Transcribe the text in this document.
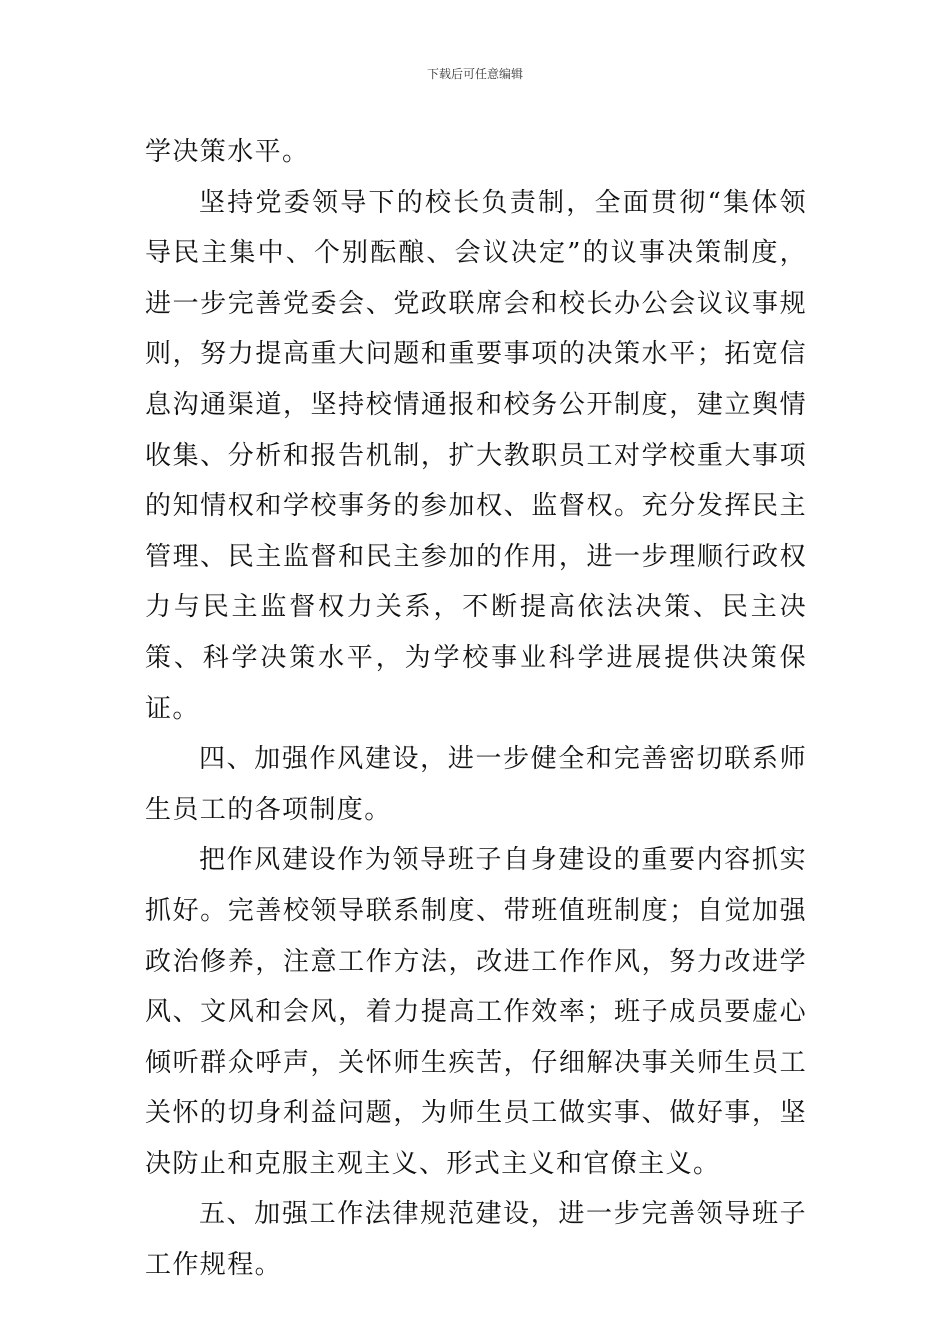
下载后可任意编辑

学决策水平。

坚持党委领导下的校长负责制，全面贯彻“集体领导民主集中、个别酝酿、会议决定”的议事决策制度，进一步完善党委会、党政联席会和校长办公会议议事规则，努力提高重大问题和重要事项的决策水平；拓宽信息沟通渠道，坚持校情通报和校务公开制度，建立舆情收集、分析和报告机制，扩大教职员工对学校重大事项的知情权和学校事务的参加权、监督权。充分发挥民主管理、民主监督和民主参加的作用，进一步理顺行政权力与民主监督权力关系，不断提高依法决策、民主决策、科学决策水平，为学校事业科学进展提供决策保证。

四、加强作风建设，进一步健全和完善密切联系师生员工的各项制度。

把作风建设作为领导班子自身建设的重要内容抓实抓好。完善校领导联系制度、带班值班制度；自觉加强政治修养，注意工作方法，改进工作作风，努力改进学风、文风和会风，着力提高工作效率；班子成员要虚心倾听群众呼声，关怀师生疾苦，仔细解决事关师生员工关怀的切身利益问题，为师生员工做实事、做好事，坚决防止和克服主观主义、形式主义和官僚主义。

五、加强工作法律规范建设，进一步完善领导班子工作规程。
